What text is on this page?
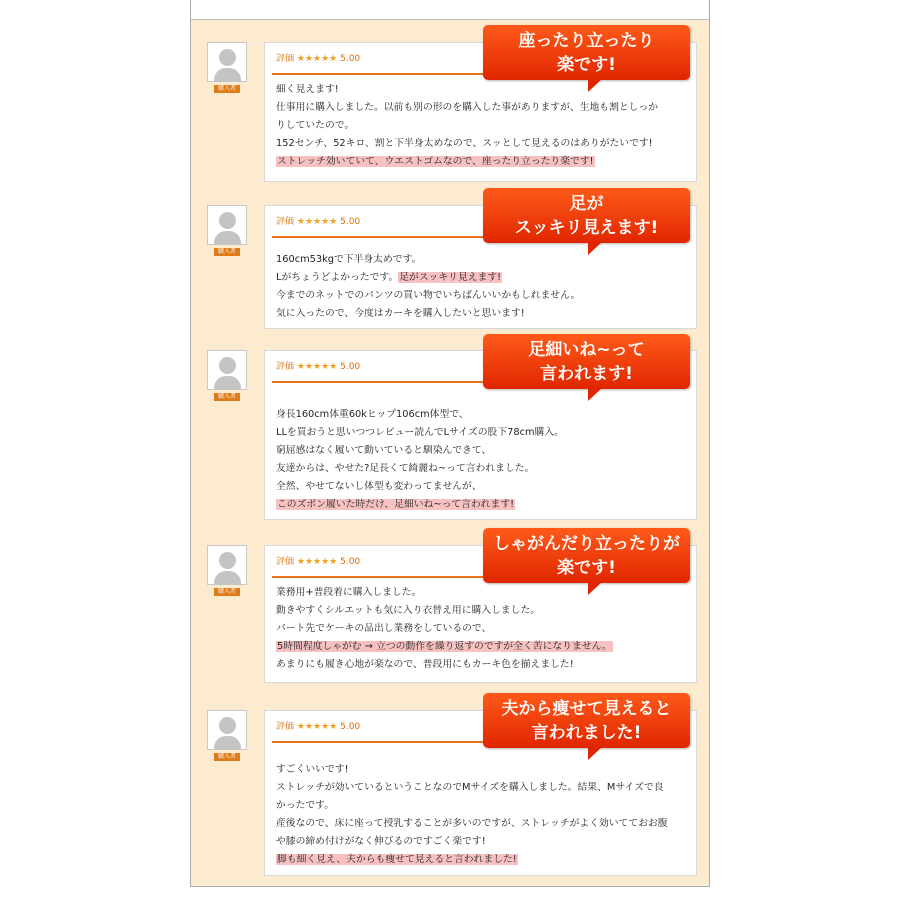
購入者
評価 ★★★★★ 5.00
細く見えます!
仕事用に購入しました。以前も別の形のを購入した事がありますが、生地も割としっか
りしていたので。
152センチ、52キロ、割と下半身太めなので、スッとして見えるのはありがたいです!
ストレッチ効いていて、ウエストゴムなので、座ったり立ったり楽です!
座ったり立ったり
楽です!
購入者
評価 ★★★★★ 5.00
160cm53kgで下半身太めです。
Lがちょうどよかったです。足がスッキリ見えます!
今までのネットでのパンツの買い物でいちばんいいかもしれません。
気に入ったので、今度はカーキを購入したいと思います!
足が
スッキリ見えます!
購入者
評価 ★★★★★ 5.00
身長160cm体重60kヒップ106cm体型で、
LLを買おうと思いつつレビュー読んでLサイズの股下78cm購入。
窮屈感はなく履いて動いていると馴染んできて、
友達からは、やせた?足長くて綺麗ね~って言われました。
全然、やせてないし体型も変わってませんが、
このズボン履いた時だけ、足細いね~って言われます!
足細いね~って
言われます!
購入者
評価 ★★★★★ 5.00
業務用+普段着に購入しました。
動きやすくシルエットも気に入り衣替え用に購入しました。
パート先でケーキの品出し業務をしているので、
5時間程度しゃがむ → 立つの動作を繰り返すのですが全く苦になりません。
あまりにも履き心地が楽なので、普段用にもカーキ色を揃えました!
しゃがんだり立ったりが
楽です!
購入者
評価 ★★★★★ 5.00
すごくいいです!
ストレッチが効いているということなのでMサイズを購入しました。結果、Mサイズで良
かったです。
産後なので、床に座って授乳することが多いのですが、ストレッチがよく効いてておお腹
や膝の締め付けがなく伸びるのですごく楽です!
脚も細く見え、夫からも痩せて見えると言われました!
夫から痩せて見えると
言われました!
